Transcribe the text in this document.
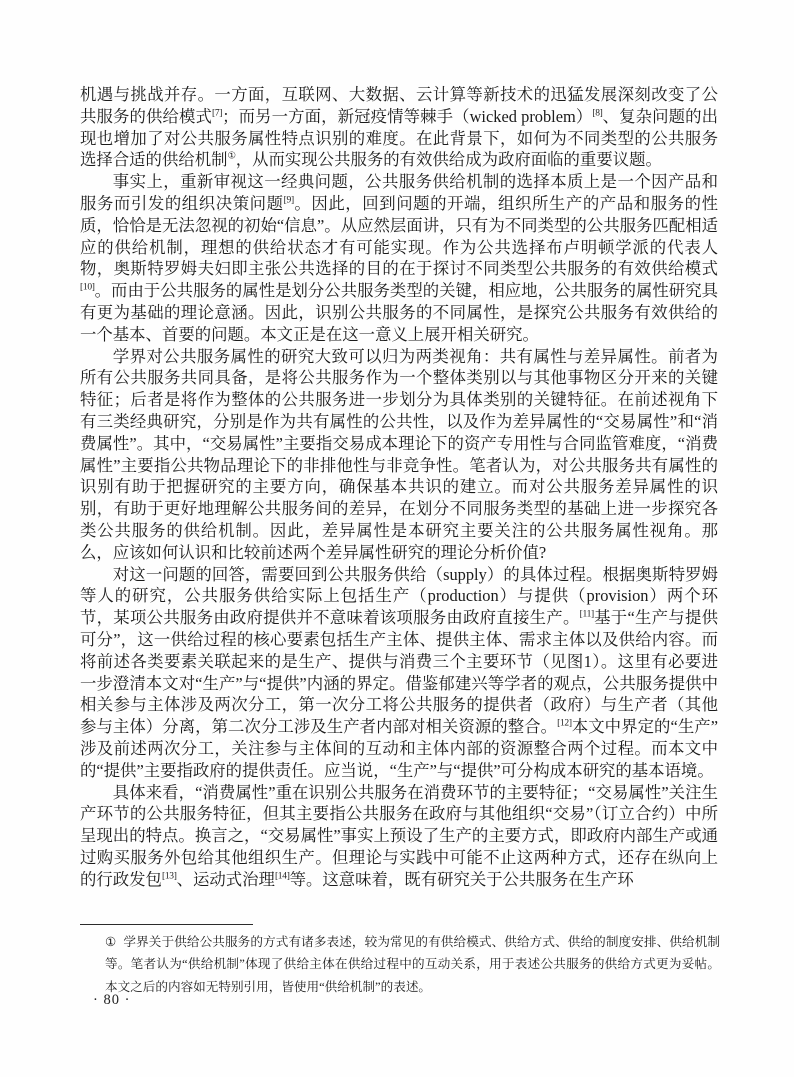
机遇与挑战并存。一方面，互联网、大数据、云计算等新技术的迅猛发展深刻改变了公共服务的供给模式[7]；而另一方面，新冠疫情等棘手（wicked problem）[8]、复杂问题的出现也增加了对公共服务属性特点识别的难度。在此背景下，如何为不同类型的公共服务选择合适的供给机制①，从而实现公共服务的有效供给成为政府面临的重要议题。

事实上，重新审视这一经典问题，公共服务供给机制的选择本质上是一个因产品和服务而引发的组织决策问题[9]。因此，回到问题的开端，组织所生产的产品和服务的性质，恰恰是无法忽视的初始“信息”。从应然层面讲，只有为不同类型的公共服务匹配相适应的供给机制，理想的供给状态才有可能实现。作为公共选择布卢明顿学派的代表人物，奥斯特罗姆夫妇即主张公共选择的目的在于探讨不同类型公共服务的有效供给模式[10]。而由于公共服务的属性是划分公共服务类型的关键，相应地，公共服务的属性研究具有更为基础的理论意涵。因此，识别公共服务的不同属性，是探究公共服务有效供给的一个基本、首要的问题。本文正是在这一意义上展开相关研究。

学界对公共服务属性的研究大致可以归为两类视角：共有属性与差异属性。前者为所有公共服务共同具备，是将公共服务作为一个整体类别以与其他事物区分开来的关键特征；后者是将作为整体的公共服务进一步划分为具体类别的关键特征。在前述视角下有三类经典研究，分别是作为共有属性的公共性，以及作为差异属性的“交易属性”和“消费属性”。其中，“交易属性”主要指交易成本理论下的资产专用性与合同监管难度，“消费属性”主要指公共物品理论下的非排他性与非竞争性。笔者认为，对公共服务共有属性的识别有助于把握研究的主要方向，确保基本共识的建立。而对公共服务差异属性的识别，有助于更好地理解公共服务间的差异，在划分不同服务类型的基础上进一步探究各类公共服务的供给机制。因此，差异属性是本研究主要关注的公共服务属性视角。那么，应该如何认识和比较前述两个差异属性研究的理论分析价值?

对这一问题的回答，需要回到公共服务供给（supply）的具体过程。根据奥斯特罗姆等人的研究，公共服务供给实际上包括生产（production）与提供（provision）两个环节，某项公共服务由政府提供并不意味着该项服务由政府直接生产。[11]基于“生产与提供可分”，这一供给过程的核心要素包括生产主体、提供主体、需求主体以及供给内容。而将前述各类要素关联起来的是生产、提供与消费三个主要环节（见图1）。这里有必要进一步澄清本文对“生产”与“提供”内涵的界定。借鉴郁建兴等学者的观点，公共服务提供中相关参与主体涉及两次分工，第一次分工将公共服务的提供者（政府）与生产者（其他参与主体）分离，第二次分工涉及生产者内部对相关资源的整合。[12]本文中界定的“生产”涉及前述两次分工，关注参与主体间的互动和主体内部的资源整合两个过程。而本文中的“提供”主要指政府的提供责任。应当说，“生产”与“提供”可分构成本研究的基本语境。

具体来看，“消费属性”重在识别公共服务在消费环节的主要特征；“交易属性”关注生产环节的公共服务特征，但其主要指公共服务在政府与其他组织“交易”（订立合约）中所呈现出的特点。换言之，“交易属性”事实上预设了生产的主要方式，即政府内部生产或通过购买服务外包给其他组织生产。但理论与实践中可能不止这两种方式，还存在纵向上的行政发包[13]、运动式治理[14]等。这意味着，既有研究关于公共服务在生产环

① 学界关于供给公共服务的方式有诸多表述，较为常见的有供给模式、供给方式、供给的制度安排、供给机制等。笔者认为“供给机制”体现了供给主体在供给过程中的互动关系，用于表述公共服务的供给方式更为妥帖。本文之后的内容如无特别引用，皆使用“供给机制”的表述。
· 80 ·
